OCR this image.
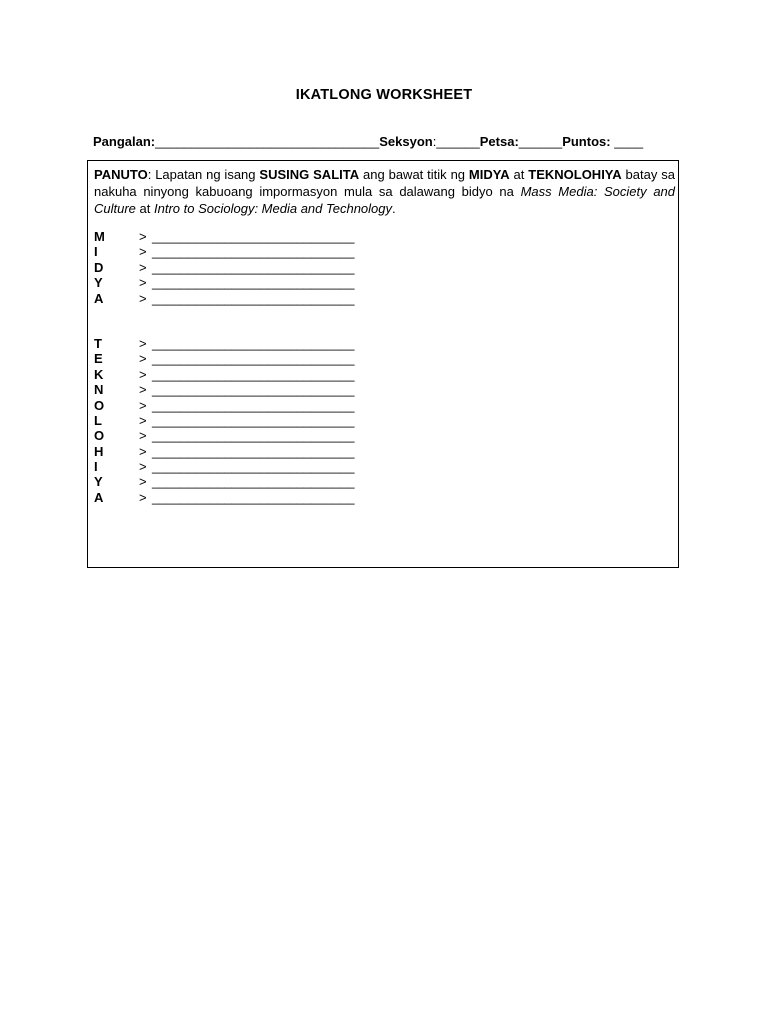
IKATLONG WORKSHEET
Pangalan:_______________________________Seksyon:______Petsa:______Puntos: ____
PANUTO: Lapatan ng isang SUSING SALITA ang bawat titik ng MIDYA at TEKNOLOHIYA batay sa nakuha ninyong kabuoang impormasyon mula sa dalawang bidyo na Mass Media: Society and Culture at Intro to Sociology: Media and Technology.
M	> ____________________________
I	> ____________________________
D	> ____________________________
Y	> ____________________________
A	> ____________________________
T	> ____________________________
E	> ____________________________
K	> ____________________________
N	> ____________________________
O	> ____________________________
L	> ____________________________
O	> ____________________________
H	> ____________________________
I	> ____________________________
Y	> ____________________________
A	> ____________________________
